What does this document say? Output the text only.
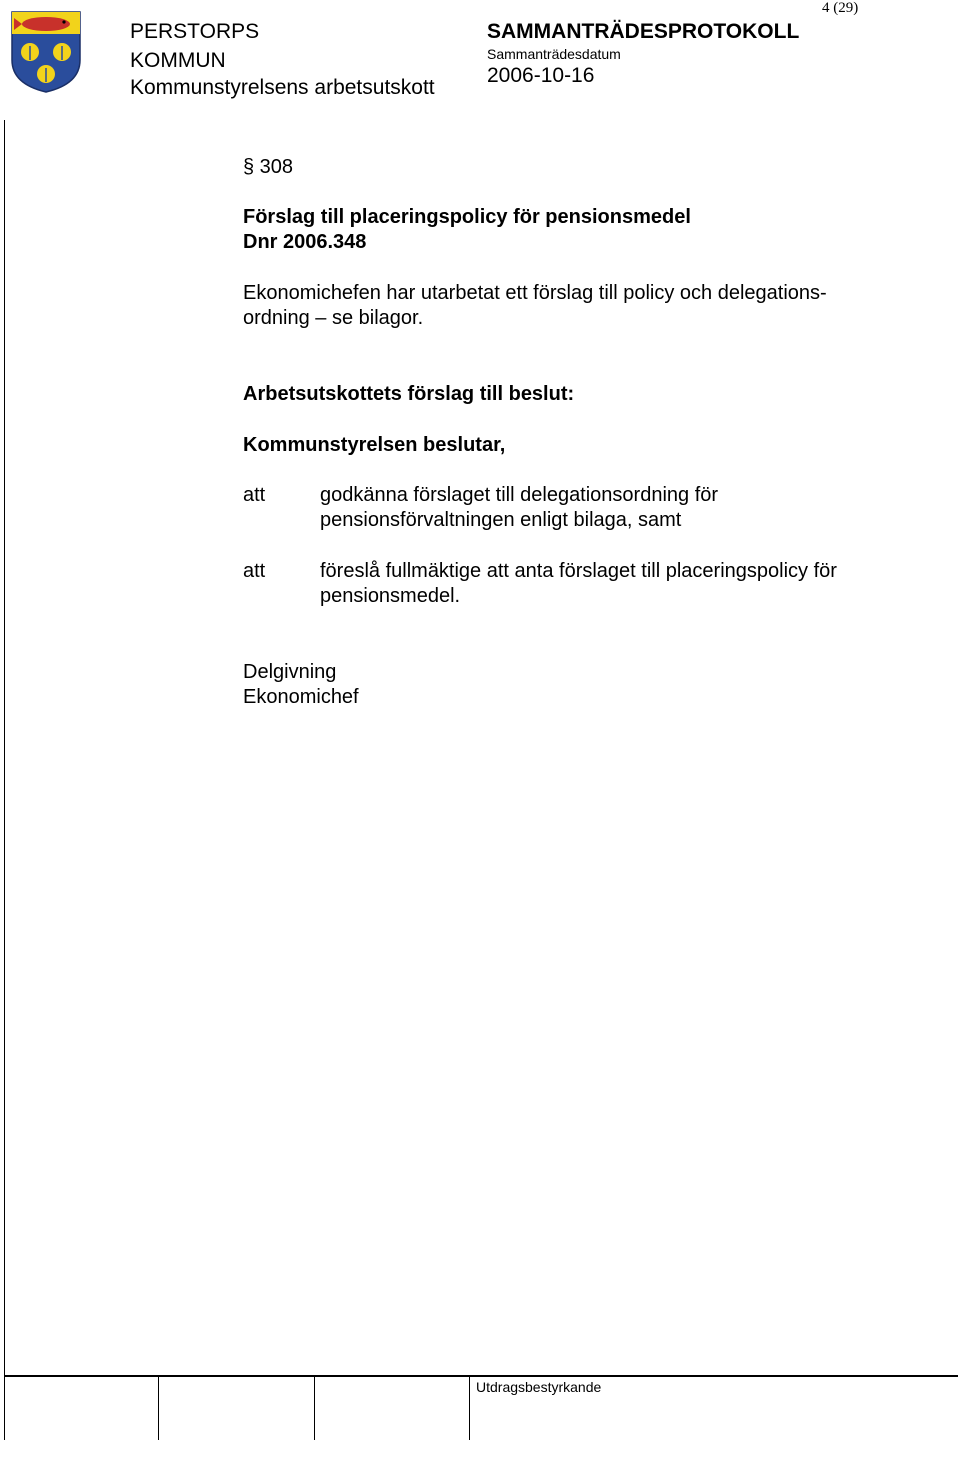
4 (29)
PERSTORPS
KOMMUN
Kommunstyrelsens arbetsutskott
SAMMANTRÄDESPROTOKOLL
Sammanträdesdatum
2006-10-16
§ 308
Förslag till placeringspolicy för pensionsmedel
Dnr 2006.348
Ekonomichefen har utarbetat ett förslag till policy och delegations-
ordning – se bilagor.
Arbetsutskottets förslag till beslut:
Kommunstyrelsen beslutar,
att	godkänna förslaget till delegationsordning för
pensionsförvaltningen enligt bilaga, samt
att	föreslå fullmäktige att anta förslaget till placeringspolicy för
pensionsmedel.
Delgivning
Ekonomichef
Utdragsbestyrkande
